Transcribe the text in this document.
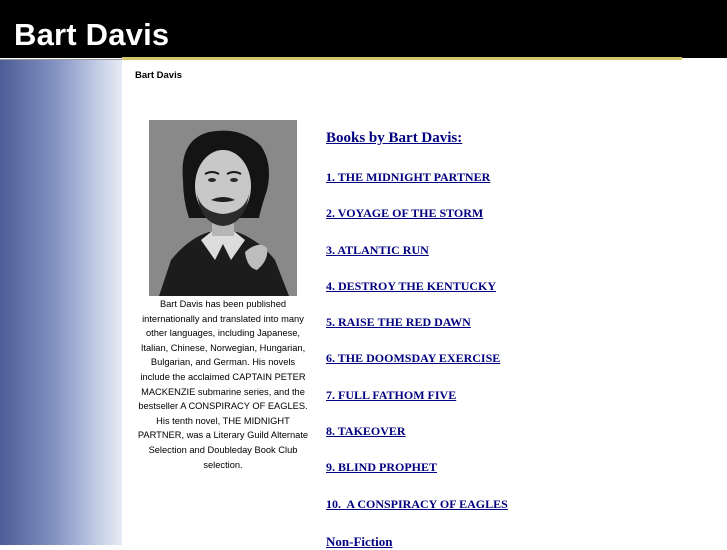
Bart Davis
Bart Davis
Bart Davis has been published internationally and translated into many other languages, including Japanese, Italian, Chinese, Norwegian, Hungarian, Bulgarian, and German. His novels include the acclaimed CAPTAIN PETER MACKENZIE submarine series, and the bestseller A CONSPIRACY OF EAGLES. His tenth novel, THE MIDNIGHT PARTNER, was a Literary Guild Alternate Selection and Doubleday Book Club selection.
Books by Bart Davis:
1. THE MIDNIGHT PARTNER
2. VOYAGE OF THE STORM
3. ATLANTIC RUN
4. DESTROY THE KENTUCKY
5. RAISE THE RED DAWN
6. THE DOOMSDAY EXERCISE
7. FULL FATHOM FIVE
8. TAKEOVER
9. BLIND PROPHET
10.  A CONSPIRACY OF EAGLES
Non-Fiction
